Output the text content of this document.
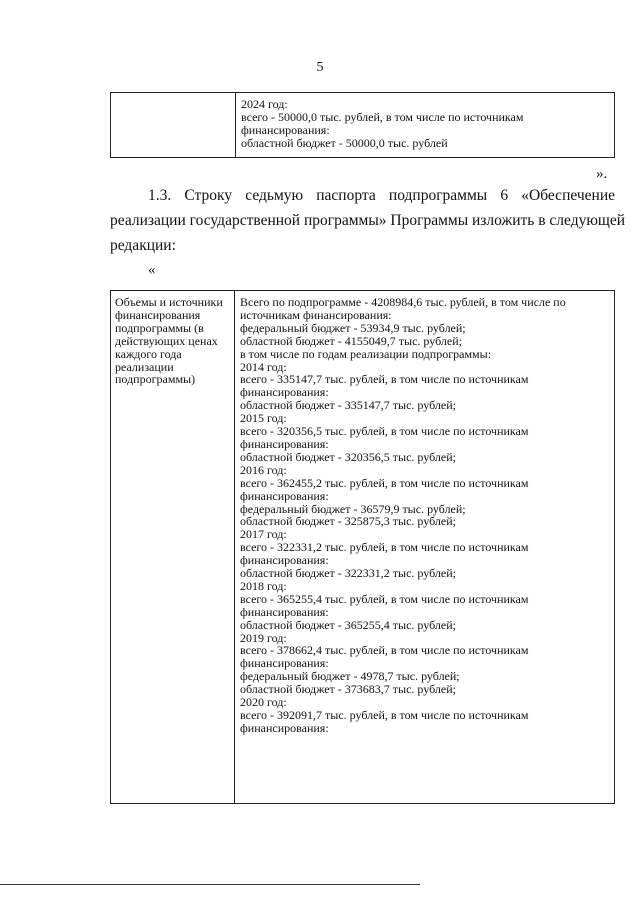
5
2024 год:
всего - 50000,0 тыс. рублей, в том числе по источникам
финансирования:
областной бюджет - 50000,0 тыс. рублей
».
1.3. Строку седьмую паспорта подпрограммы 6 «Обеспечение
реализации государственной программы» Программы изложить в следующей
редакции:
«
Объемы и источники
финансирования
подпрограммы (в
действующих ценах
каждого года
реализации
подпрограммы)
Всего по подпрограмме - 4208984,6 тыс. рублей, в том числе по
источникам финансирования:
федеральный бюджет - 53934,9 тыс. рублей;
областной бюджет - 4155049,7 тыс. рублей;
в том числе по годам реализации подпрограммы:
2014 год:
всего - 335147,7 тыс. рублей, в том числе по источникам
финансирования:
областной бюджет - 335147,7 тыс. рублей;
2015 год:
всего - 320356,5 тыс. рублей, в том числе по источникам
финансирования:
областной бюджет - 320356,5 тыс. рублей;
2016 год:
всего - 362455,2 тыс. рублей, в том числе по источникам
финансирования:
федеральный бюджет - 36579,9 тыс. рублей;
областной бюджет - 325875,3 тыс. рублей;
2017 год:
всего - 322331,2 тыс. рублей, в том числе по источникам
финансирования:
областной бюджет - 322331,2 тыс. рублей;
2018 год:
всего - 365255,4 тыс. рублей, в том числе по источникам
финансирования:
областной бюджет - 365255,4 тыс. рублей;
2019 год:
всего - 378662,4 тыс. рублей, в том числе по источникам
финансирования:
федеральный бюджет - 4978,7 тыс. рублей;
областной бюджет - 373683,7 тыс. рублей;
2020 год:
всего - 392091,7 тыс. рублей, в том числе по источникам
финансирования:
